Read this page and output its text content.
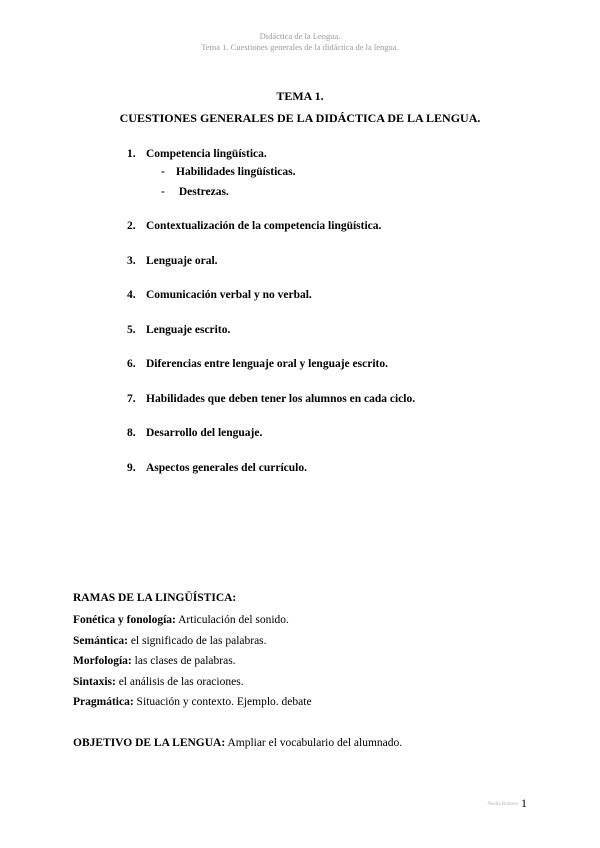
Didáctica de la Lengua.
Tema 1. Cuestiones generales de la didáctica de la lengua.
TEMA 1.
CUESTIONES GENERALES DE LA DIDÁCTICA DE LA LENGUA.
1. Competencia lingüística.
- Habilidades lingüísticas.
- Destrezas.
2. Contextualización de la competencia lingüística.
3. Lenguaje oral.
4. Comunicación verbal y no verbal.
5. Lenguaje escrito.
6. Diferencias entre lenguaje oral y lenguaje escrito.
7. Habilidades que deben tener los alumnos en cada ciclo.
8. Desarrollo del lenguaje.
9. Aspectos generales del currículo.
RAMAS DE LA LINGÜÍSTICA:
Fonética y fonología: Articulación del sonido.
Semántica: el significado de las palabras.
Morfología: las clases de palabras.
Sintaxis: el análisis de las oraciones.
Pragmática: Situación y contexto. Ejemplo. debate
OBJETIVO DE LA LENGUA: Ampliar el vocabulario del alumnado.
Noelia Romero 1
